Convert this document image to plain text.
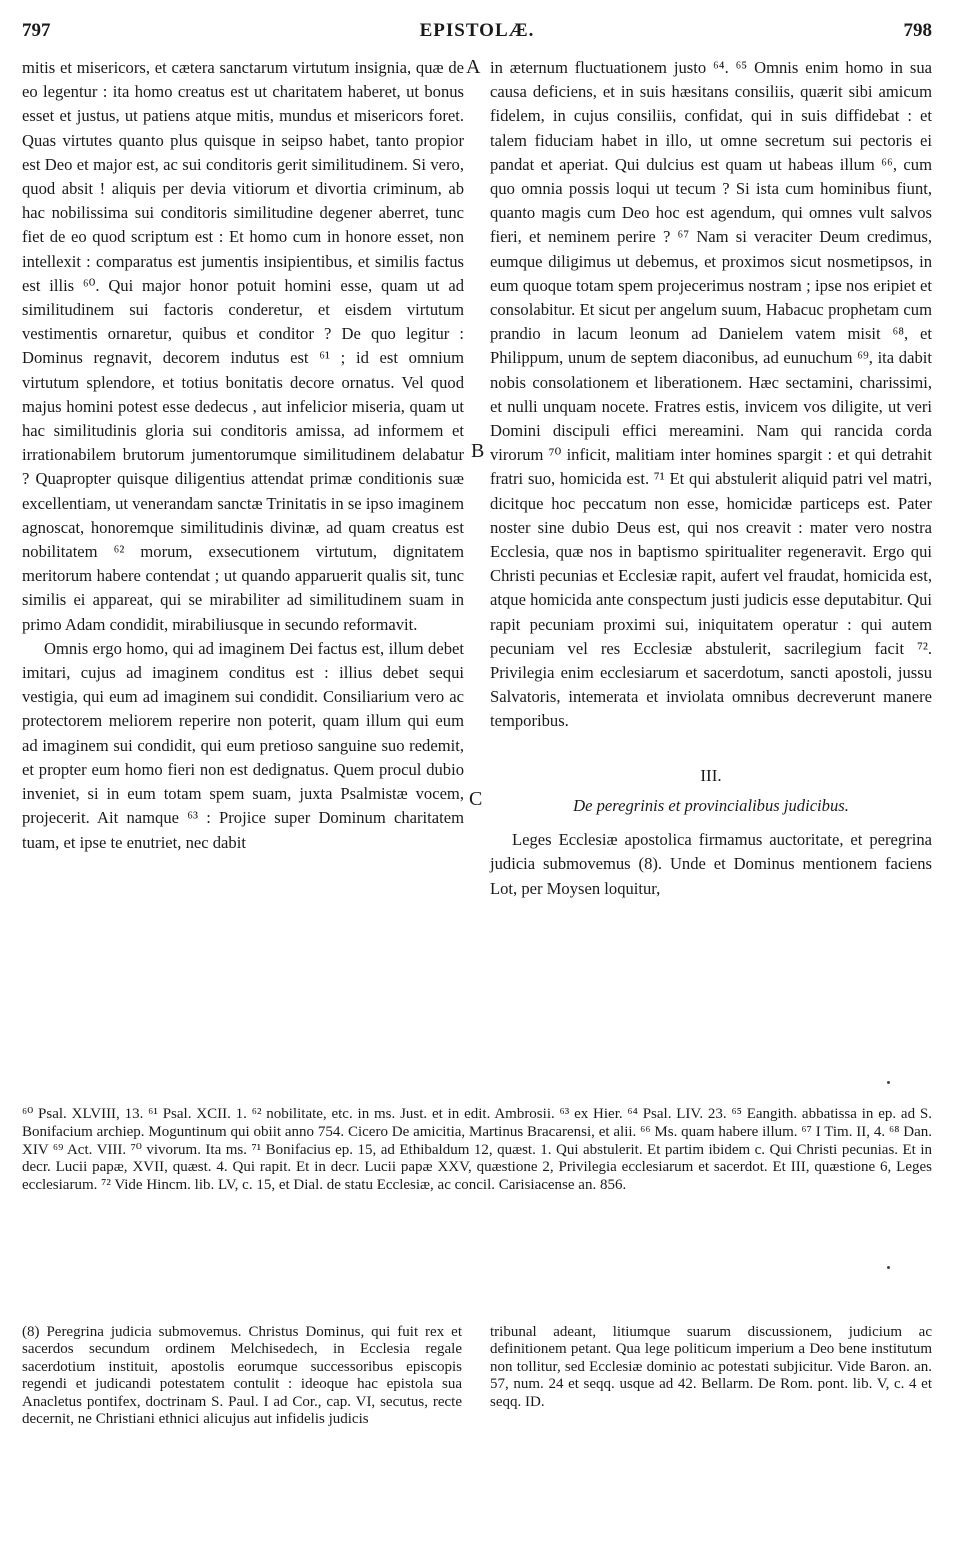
797	EPISTOLÆ.	798
A
B
C

mitis et misericors, et cætera sanctarum virtutum insignia, quæ de eo legentur : ita homo creatus est ut charitatem haberet, ut bonus esset et justus, ut patiens atque mitis, mundus et misericors foret. Quas virtutes quanto plus quisque in seipso habet, tanto propior est Deo et major est, ac sui conditoris gerit similitudinem. Si vero, quod absit ! aliquis per devia vitiorum et divortia criminum, ab hac nobilissima sui conditoris similitudine degener aberret, tunc fiet de eo quod scriptum est : Et homo cum in honore esset, non intellexit : comparatus est jumentis insipientibus, et similis factus est illis ⁶⁰. Qui major honor potuit homini esse, quam ut ad similitudinem sui factoris conderetur, et eisdem virtutum vestimentis ornaretur, quibus et conditor ? De quo legitur : Dominus regnavit, decorem indutus est ⁶¹ ; id est omnium virtutum splendore, et totius bonitatis decore ornatus. Vel quod majus homini potest esse dedecus , aut infelicior miseria, quam ut hac similitudinis gloria sui conditoris amissa, ad informem et irrationabilem brutorum jumentorumque similitudinem delabatur ? Quapropter quisque diligentius attendat primæ conditionis suæ excellentiam, ut venerandam sanctæ Trinitatis in se ipso imaginem agnoscat, honoremque similitudinis divinæ, ad quam creatus est nobilitatem ⁶² morum, exsecutionem virtutum, dignitatem meritorum habere contendat ; ut quando apparuerit qualis sit, tunc similis ei appareat, qui se mirabiliter ad similitudinem suam in primo Adam condidit, mirabiliusque in secundo reformavit.

Omnis ergo homo, qui ad imaginem Dei factus est, illum debet imitari, cujus ad imaginem conditus est : illius debet sequi vestigia, qui eum ad imaginem sui condidit. Consiliarium vero ac protectorem meliorem reperire non poterit, quam illum qui eum ad imaginem sui condidit, qui eum pretioso sanguine suo redemit, et propter eum homo fieri non est dedignatus. Quem procul dubio inveniet, si in eum totam spem suam, juxta Psalmistæ vocem, projecerit. Ait namque ⁶³ : Projice super Dominum charitatem tuam, et ipse te enutriet, nec dabit

in æternum fluctuationem justo ⁶⁴. ⁶⁵ Omnis enim homo in sua causa deficiens, et in suis hæsitans consiliis, quærit sibi amicum fidelem, in cujus consiliis, confidat, qui in suis diffidebat : et talem fiduciam habet in illo, ut omne secretum sui pectoris ei pandat et aperiat. Qui dulcius est quam ut habeas illum ⁶⁶, cum quo omnia possis loqui ut tecum ? Si ista cum hominibus fiunt, quanto magis cum Deo hoc est agendum, qui omnes vult salvos fieri, et neminem perire ? ⁶⁷ Nam si veraciter Deum credimus, eumque diligimus ut debemus, et proximos sicut nosmetipsos, in eum quoque totam spem projecerimus nostram ; ipse nos eripiet et consolabitur. Et sicut per angelum suum, Habacuc prophetam cum prandio in lacum leonum ad Danielem vatem misit ⁶⁸, et Philippum, unum de septem diaconibus, ad eunuchum ⁶⁹, ita dabit nobis consolationem et liberationem. Hæc sectamini, charissimi, et nulli unquam nocete. Fratres estis, invicem vos diligite, ut veri Domini discipuli effici mereamini. Nam qui rancida corda virorum ⁷⁰ inficit, malitiam inter homines spargit : et qui detrahit fratri suo, homicida est. ⁷¹ Et qui abstulerit aliquid patri vel matri, dicitque hoc peccatum non esse, homicidæ particeps est. Pater noster sine dubio Deus est, qui nos creavit : mater vero nostra Ecclesia, quæ nos in baptismo spiritualiter regeneravit. Ergo qui Christi pecunias et Ecclesiæ rapit, aufert vel fraudat, homicida est, atque homicida ante conspectum justi judicis esse deputabitur. Qui rapit pecuniam proximi sui, iniquitatem operatur : qui autem pecuniam vel res Ecclesiæ abstulerit, sacrilegium facit ⁷². Privilegia enim ecclesiarum et sacerdotum, sancti apostoli, jussu Salvatoris, intemerata et inviolata omnibus decreverunt manere temporibus.

III.
De peregrinis et provincialibus judicibus.

Leges Ecclesiæ apostolica firmamus auctoritate, et peregrina judicia submovemus (8). Unde et Dominus mentionem faciens Lot, per Moysen loquitur,

⁶⁰ Psal. XLVIII, 13. ⁶¹ Psal. XCII. 1. ⁶² nobilitate, etc. in ms. Just. et in edit. Ambrosii. ⁶³ ex Hier. ⁶⁴ Psal. LIV. 23. ⁶⁵ Eangith. abbatissa in ep. ad S. Bonifacium archiep. Moguntinum qui obiit anno 754. Cicero De amicitia, Martinus Bracarensi, et alii. ⁶⁶ Ms. quam habere illum. ⁶⁷ I Tim. II, 4. ⁶⁸ Dan. XIV ⁶⁹ Act. VIII. ⁷⁰ vivorum. Ita ms. ⁷¹ Bonifacius ep. 15, ad Ethibaldum 12, quæst. 1. Qui abstulerit. Et partim ibidem c. Qui Christi pecunias. Et in decr. Lucii papæ, XVII, quæst. 4. Qui rapit. Et in decr. Lucii papæ XXV, quæstione 2, Privilegia ecclesiarum et sacerdot. Et III, quæstione 6, Leges ecclesiarum. ⁷² Vide Hincm. lib. LV, c. 15, et Dial. de statu Ecclesiæ, ac concil. Carisiacense an. 856.

(8) Peregrina judicia submovemus. Christus Dominus, qui fuit rex et sacerdos secundum ordinem Melchisedech, in Ecclesia regale sacerdotium instituit, apostolis eorumque successoribus episcopis regendi et judicandi potestatem contulit : ideoque hac epistola sua Anacletus pontifex, doctrinam S. Paul. I ad Cor., cap. VI, secutus, recte decernit, ne Christiani ethnici alicujus aut infidelis judicis

tribunal adeant, litiumque suarum discussionem, judicium ac definitionem petant. Qua lege politicum imperium a Deo bene institutum non tollitur, sed Ecclesiæ dominio ac potestati subjicitur. Vide Baron. an. 57, num. 24 et seqq. usque ad 42. Bellarm. De Rom. pont. lib. V, c. 4 et seqq. ID.
